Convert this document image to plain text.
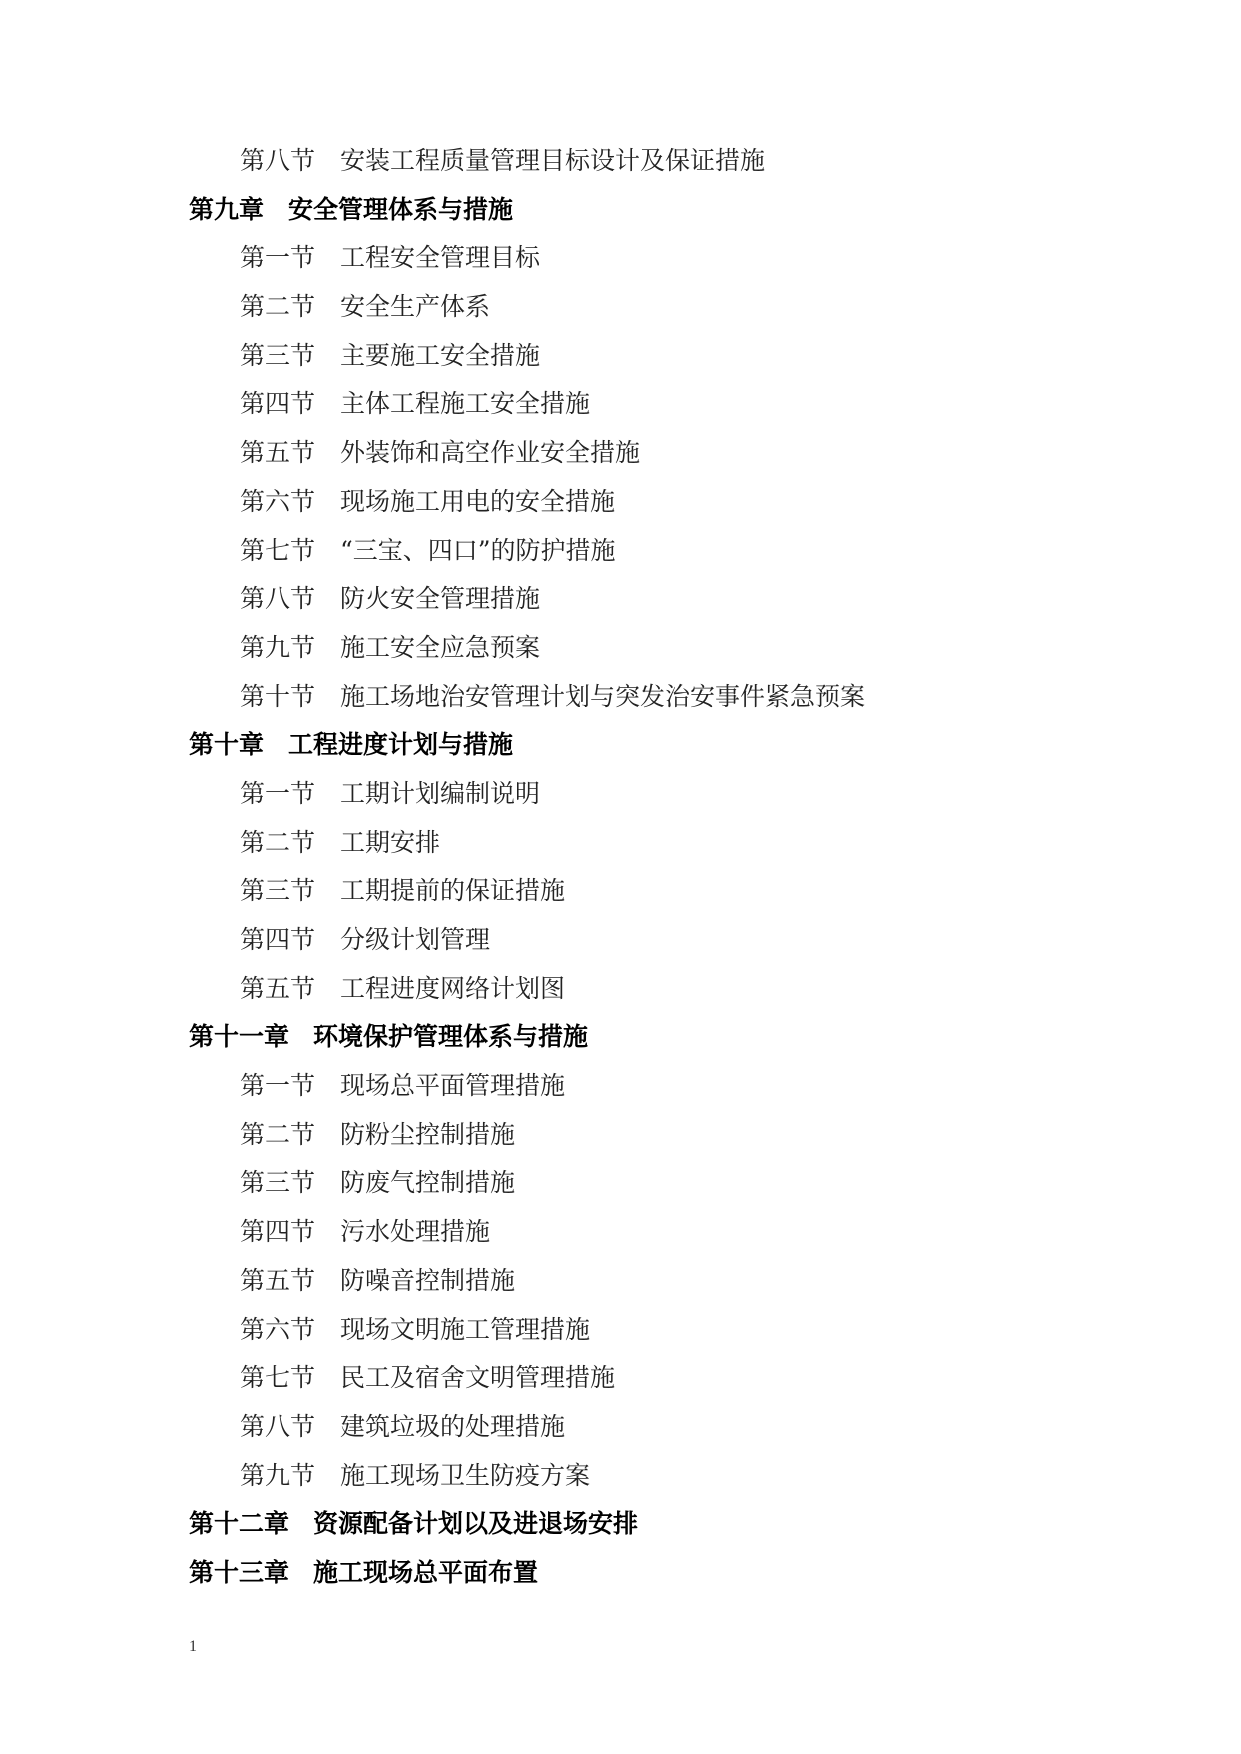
第八节 安装工程质量管理目标设计及保证措施
第九章 安全管理体系与措施
第一节 工程安全管理目标
第二节 安全生产体系
第三节 主要施工安全措施
第四节 主体工程施工安全措施
第五节 外装饰和高空作业安全措施
第六节 现场施工用电的安全措施
第七节 “三宝、四口”的防护措施
第八节 防火安全管理措施
第九节 施工安全应急预案
第十节 施工场地治安管理计划与突发治安事件紧急预案
第十章 工程进度计划与措施
第一节 工期计划编制说明
第二节 工期安排
第三节 工期提前的保证措施
第四节 分级计划管理
第五节 工程进度网络计划图
第十一章 环境保护管理体系与措施
第一节 现场总平面管理措施
第二节 防粉尘控制措施
第三节 防废气控制措施
第四节 污水处理措施
第五节 防噪音控制措施
第六节 现场文明施工管理措施
第七节 民工及宿舍文明管理措施
第八节 建筑垃圾的处理措施
第九节 施工现场卫生防疫方案
第十二章 资源配备计划以及进退场安排
第十三章 施工现场总平面布置
1
